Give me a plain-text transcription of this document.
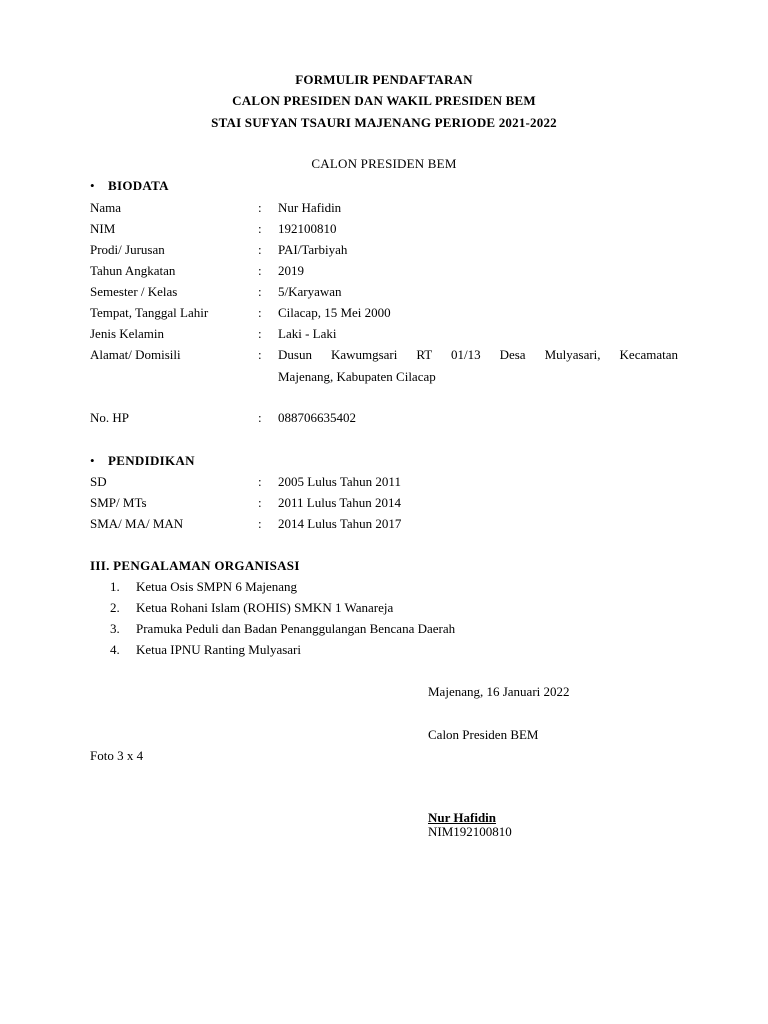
FORMULIR PENDAFTARAN
CALON PRESIDEN DAN WAKIL PRESIDEN BEM
STAI SUFYAN TSAURI MAJENANG PERIODE 2021-2022
CALON PRESIDEN BEM
• BIODATA
Nama	: Nur Hafidin
NIM	: 192100810
Prodi/ Jurusan	: PAI/Tarbiyah
Tahun Angkatan	: 2019
Semester / Kelas	: 5/Karyawan
Tempat, Tanggal Lahir	: Cilacap, 15 Mei 2000
Jenis Kelamin	: Laki - Laki
Alamat/ Domisili	: Dusun Kawumgsari RT 01/13 Desa Mulyasari, Kecamatan
Majenang, Kabupaten Cilacap
No. HP	: 088706635402
• PENDIDIKAN
SD	: 2005 Lulus Tahun 2011
SMP/ MTs	: 2011 Lulus Tahun 2014
SMA/ MA/ MAN	: 2014 Lulus Tahun 2017
III. PENGALAMAN ORGANISASI
1. Ketua Osis SMPN 6 Majenang
2. Ketua Rohani Islam (ROHIS) SMKN 1 Wanareja
3. Pramuka Peduli dan Badan Penanggulangan Bencana Daerah
4. Ketua IPNU Ranting Mulyasari
Majenang, 16 Januari 2022
Calon Presiden BEM
Foto 3 x 4
Nur Hafidin
NIM192100810
